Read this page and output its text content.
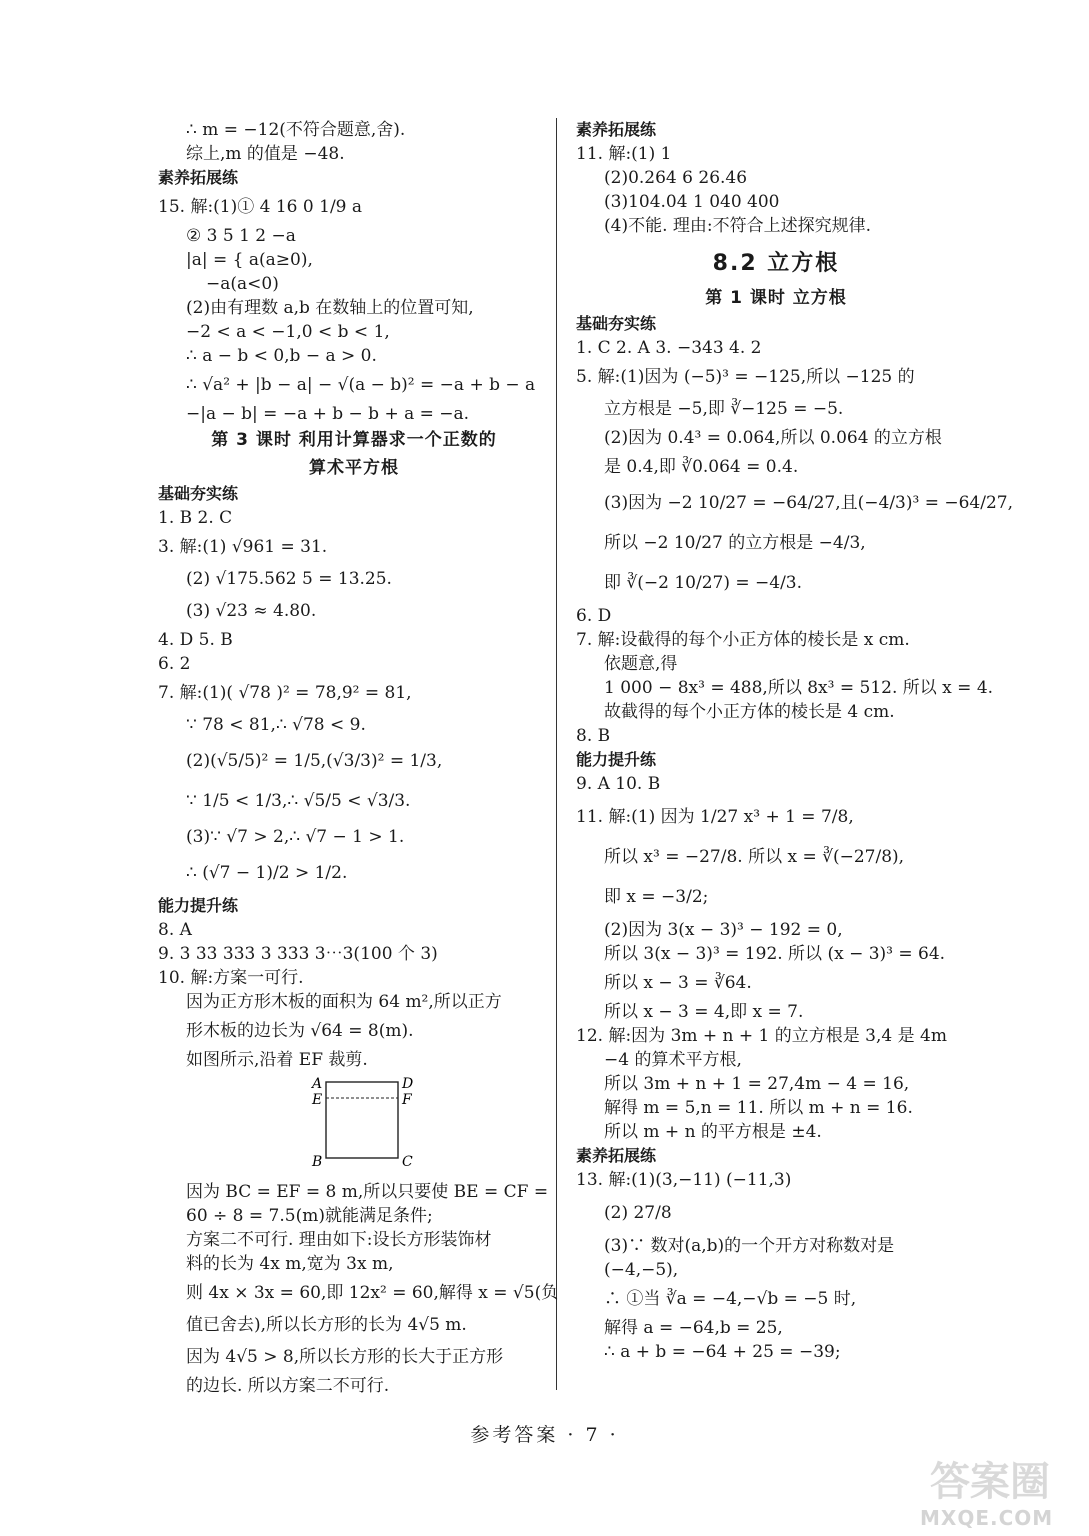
∴ m = −12(不符合题意,舍).
综上,m 的值是 −48.
素养拓展练
15. 解:(1)① 4 16 0 1/9 a
② 3 5 1 2 −a
|a| = { a(a≥0),
−a(a<0)
(2)由有理数 a,b 在数轴上的位置可知,
−2 < a < −1,0 < b < 1,
∴ a − b < 0,b − a > 0.
∴ √a² + |b − a| − √(a − b)² = −a + b − a
−|a − b| = −a + b − b + a = −a.
第 3 课时 利用计算器求一个正数的
算术平方根
基础夯实练
1. B 2. C
3. 解:(1) √961 = 31.
(2) √175.562 5 = 13.25.
(3) √23 ≈ 4.80.
4. D 5. B
6. 2
7. 解:(1)( √78 )² = 78,9² = 81,
∵ 78 < 81,∴ √78 < 9.
(2)(√5/5)² = 1/5,(√3/3)² = 1/3,
∵ 1/5 < 1/3,∴ √5/5 < √3/3.
(3)∵ √7 > 2,∴ √7 − 1 > 1.
∴ (√7 − 1)/2 > 1/2.
能力提升练
8. A
9. 3 33 333 3 333 3⋯3(100 个 3)
10. 解:方案一可行.
因为正方形木板的面积为 64 m²,所以正方
形木板的边长为 √64 = 8(m).
如图所示,沿着 EF 裁剪.
A	D
E	F
B	C
因为 BC = EF = 8 m,所以只要使 BE = CF =
60 ÷ 8 = 7.5(m)就能满足条件;
方案二不可行. 理由如下:设长方形装饰材
料的长为 4x m,宽为 3x m,
则 4x × 3x = 60,即 12x² = 60,解得 x = √5(负
值已舍去),所以长方形的长为 4√5 m.
因为 4√5 > 8,所以长方形的长大于正方形
的边长. 所以方案二不可行.
素养拓展练
11. 解:(1) 1
(2)0.264 6 26.46
(3)104.04 1 040 400
(4)不能. 理由:不符合上述探究规律.
8.2 立方根
第 1 课时 立方根
基础夯实练
1. C 2. A 3. −343 4. 2
5. 解:(1)因为 (−5)³ = −125,所以 −125 的
立方根是 −5,即 ∛−125 = −5.
(2)因为 0.4³ = 0.064,所以 0.064 的立方根
是 0.4,即 ∛0.064 = 0.4.
(3)因为 −2 10/27 = −64/27,且(−4/3)³ = −64/27,
所以 −2 10/27 的立方根是 −4/3,
即 ∛(−2 10/27) = −4/3.
6. D
7. 解:设截得的每个小正方体的棱长是 x cm.
依题意,得
1 000 − 8x³ = 488,所以 8x³ = 512. 所以 x = 4.
故截得的每个小正方体的棱长是 4 cm.
8. B
能力提升练
9. A 10. B
11. 解:(1) 因为 1/27 x³ + 1 = 7/8,
所以 x³ = −27/8. 所以 x = ∛(−27/8),
即 x = −3/2;
(2)因为 3(x − 3)³ − 192 = 0,
所以 3(x − 3)³ = 192. 所以 (x − 3)³ = 64.
所以 x − 3 = ∛64.
所以 x − 3 = 4,即 x = 7.
12. 解:因为 3m + n + 1 的立方根是 3,4 是 4m
−4 的算术平方根,
所以 3m + n + 1 = 27,4m − 4 = 16,
解得 m = 5,n = 11. 所以 m + n = 16.
所以 m + n 的平方根是 ±4.
素养拓展练
13. 解:(1)(3,−11) (−11,3)
(2) 27/8
(3)∵ 数对(a,b)的一个开方对称数对是
(−4,−5),
∴ ①当 ∛a = −4,−√b = −5 时,
解得 a = −64,b = 25,
∴ a + b = −64 + 25 = −39;
参考答案 · 7 ·
答案圈
MXQE.COM
